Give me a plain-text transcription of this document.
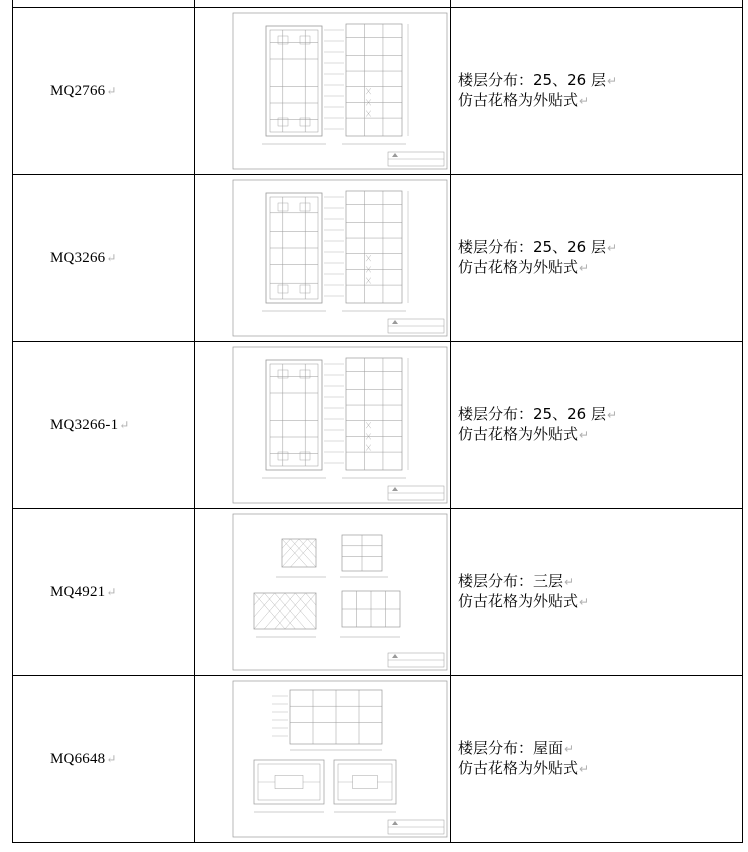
MQ2766↵		楼层分布：25、26 层↵
仿古花格为外贴式↵

MQ3266↵		楼层分布：25、26 层↵
仿古花格为外贴式↵

MQ3266-1↵		楼层分布：25、26 层↵
仿古花格为外贴式↵

MQ4921↵		楼层分布：三层↵
仿古花格为外贴式↵

MQ6648↵		楼层分布：屋面↵
仿古花格为外贴式↵
